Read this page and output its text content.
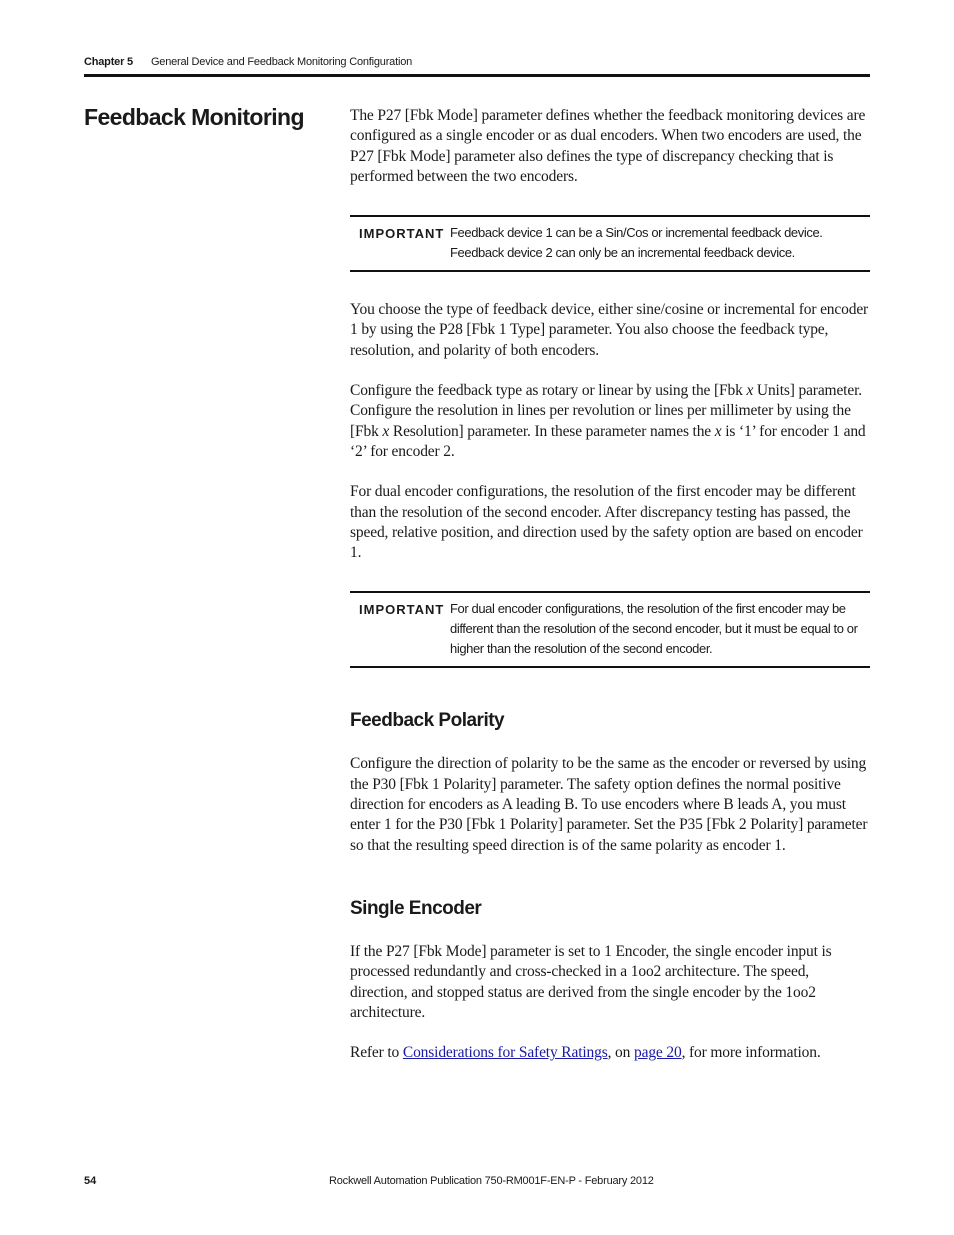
Chapter 5 General Device and Feedback Monitoring Configuration
Feedback Monitoring	The P27 [Fbk Mode] parameter defines whether the feedback monitoring devices are configured as a single encoder or as dual encoders. When two encoders are used, the P27 [Fbk Mode] parameter also defines the type of discrepancy checking that is performed between the two encoders.

IMPORTANT Feedback device 1 can be a Sin/Cos or incremental feedback device. Feedback device 2 can only be an incremental feedback device.

You choose the type of feedback device, either sine/cosine or incremental for encoder 1 by using the P28 [Fbk 1 Type] parameter. You also choose the feedback type, resolution, and polarity of both encoders.

Configure the feedback type as rotary or linear by using the [Fbk x Units] parameter. Configure the resolution in lines per revolution or lines per millimeter by using the [Fbk x Resolution] parameter. In these parameter names the x is ‘1’ for encoder 1 and ‘2’ for encoder 2.

For dual encoder configurations, the resolution of the first encoder may be different than the resolution of the second encoder. After discrepancy testing has passed, the speed, relative position, and direction used by the safety option are based on encoder 1.

IMPORTANT For dual encoder configurations, the resolution of the first encoder may be different than the resolution of the second encoder, but it must be equal to or higher than the resolution of the second encoder.
Feedback Polarity

Configure the direction of polarity to be the same as the encoder or reversed by using the P30 [Fbk 1 Polarity] parameter. The safety option defines the normal positive direction for encoders as A leading B. To use encoders where B leads A, you must enter 1 for the P30 [Fbk 1 Polarity] parameter. Set the P35 [Fbk 2 Polarity] parameter so that the resulting speed direction is of the same polarity as encoder 1.

Single Encoder

If the P27 [Fbk Mode] parameter is set to 1 Encoder, the single encoder input is processed redundantly and cross-checked in a 1oo2 architecture. The speed, direction, and stopped status are derived from the single encoder by the 1oo2 architecture.

Refer to Considerations for Safety Ratings, on page 20, for more information.

54	Rockwell Automation Publication 750-RM001F-EN-P - February 2012
